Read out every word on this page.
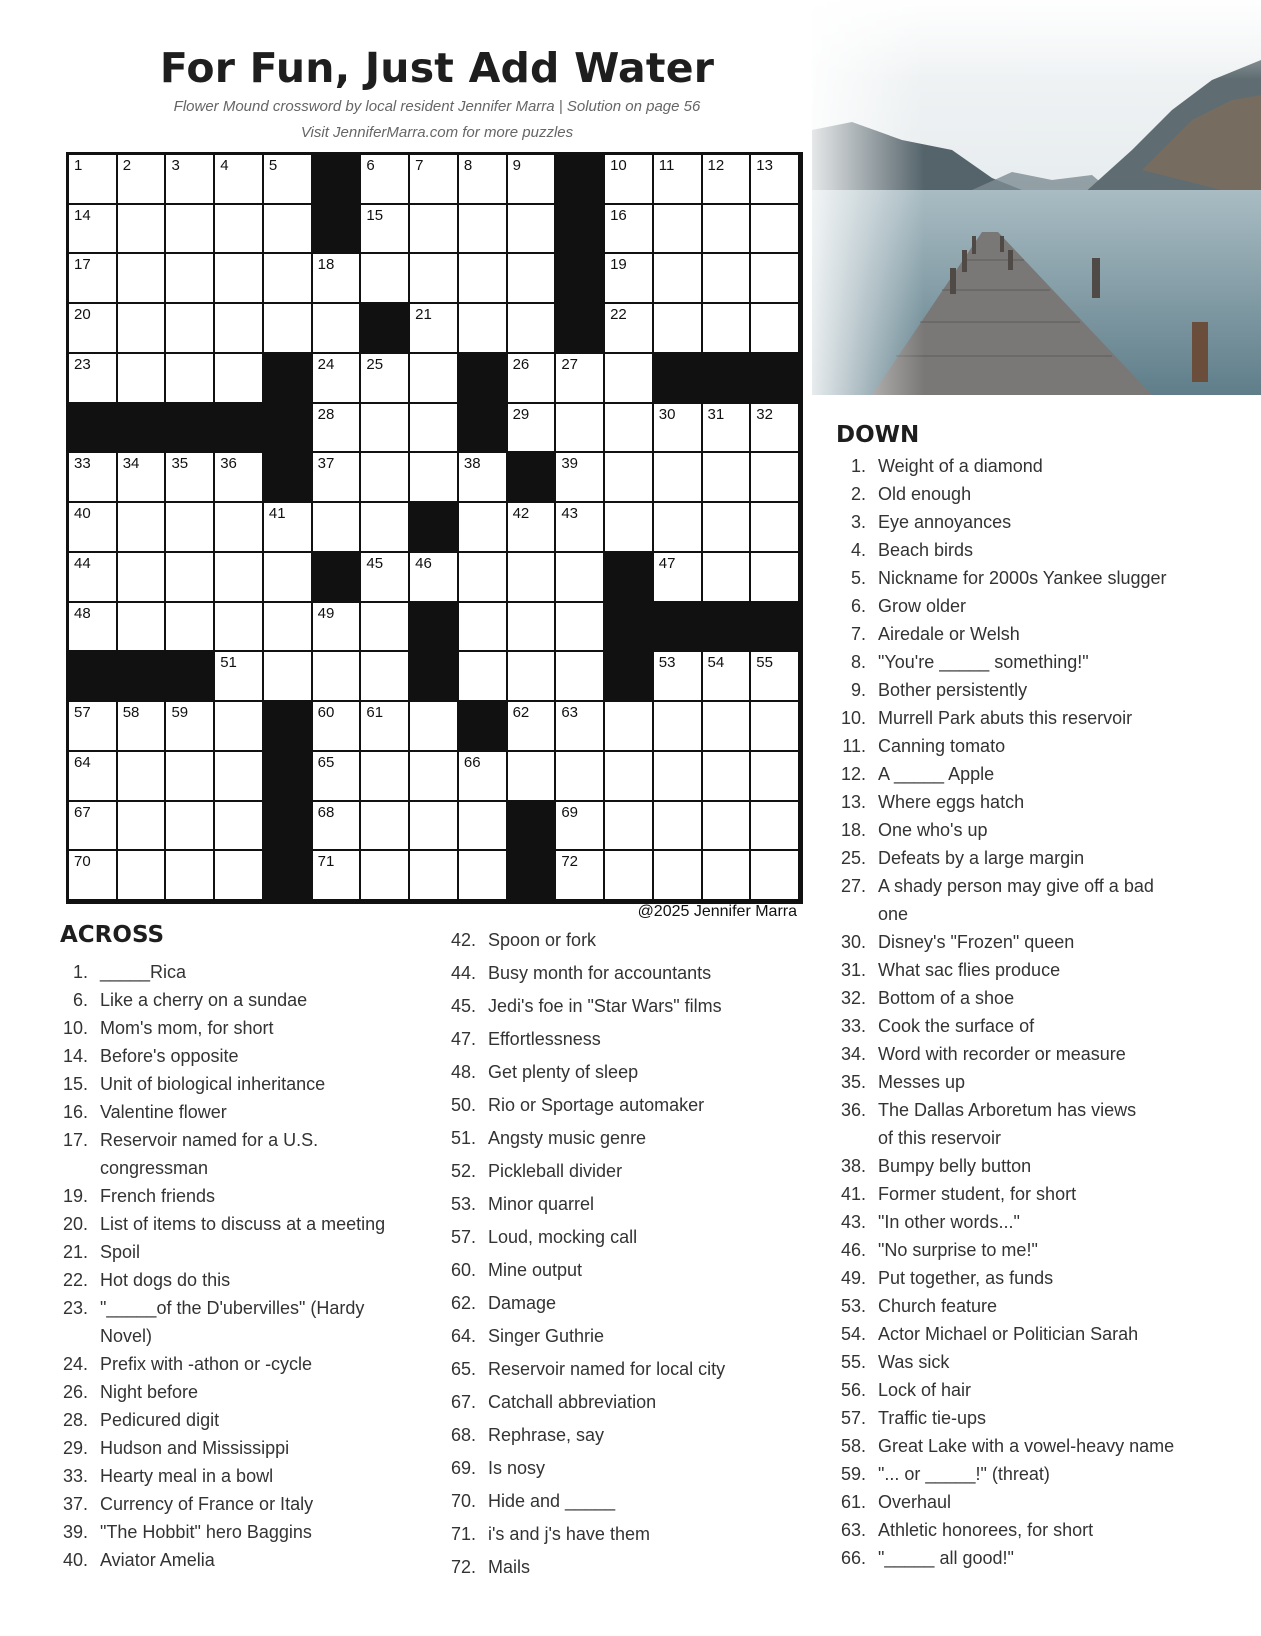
For Fun, Just Add Water
Flower Mound crossword by local resident Jennifer Marra | Solution on page 56
Visit JenniferMarra.com for more puzzles
1	2	3	4	5	6	7	8	9	10 11 12 13
14	15	16
17	18	19
20	21	22
23	24 25	26 27
28	29	30 31 32
33 34 35 36	37	38	39
40	41	42 43
44	45 46	47
48	49
51	53 54 55
57 58 59	60 61	62 63
64	65	66
67	68	69
70	71	72
@2025 Jennifer Marra
ACROSS
1. _____Rica
6. Like a cherry on a sundae
10. Mom's mom, for short
14. Before's opposite
15. Unit of biological inheritance
16. Valentine flower
17. Reservoir named for a U.S.
congressman
19. French friends
20. List of items to discuss at a meeting
21. Spoil
22. Hot dogs do this
23. "_____of the D'ubervilles" (Hardy
Novel)
24. Prefix with -athon or -cycle
26. Night before
28. Pedicured digit
29. Hudson and Mississippi
33. Hearty meal in a bowl
37. Currency of France or Italy
39. "The Hobbit" hero Baggins
40. Aviator Amelia
42. Spoon or fork
44. Busy month for accountants
45. Jedi's foe in "Star Wars" films
47. Effortlessness
48. Get plenty of sleep
50. Rio or Sportage automaker
51. Angsty music genre
52. Pickleball divider
53. Minor quarrel
57. Loud, mocking call
60. Mine output
62. Damage
64. Singer Guthrie
65. Reservoir named for local city
67. Catchall abbreviation
68. Rephrase, say
69. Is nosy
70. Hide and _____
71. i's and j's have them
72. Mails
DOWN
1. Weight of a diamond
2. Old enough
3. Eye annoyances
4. Beach birds
5. Nickname for 2000s Yankee slugger
6. Grow older
7. Airedale or Welsh
8. "You're _____ something!"
9. Bother persistently
10. Murrell Park abuts this reservoir
11. Canning tomato
12. A _____ Apple
13. Where eggs hatch
18. One who's up
25. Defeats by a large margin
27. A shady person may give off a bad
one
30. Disney's "Frozen" queen
31. What sac flies produce
32. Bottom of a shoe
33. Cook the surface of
34. Word with recorder or measure
35. Messes up
36. The Dallas Arboretum has views
of this reservoir
38. Bumpy belly button
41. Former student, for short
43. "In other words..."
46. "No surprise to me!"
49. Put together, as funds
53. Church feature
54. Actor Michael or Politician Sarah
55. Was sick
56. Lock of hair
57. Traffic tie-ups
58. Great Lake with a vowel-heavy name
59. "... or _____!" (threat)
61. Overhaul
63. Athletic honorees, for short
66. "_____ all good!"
